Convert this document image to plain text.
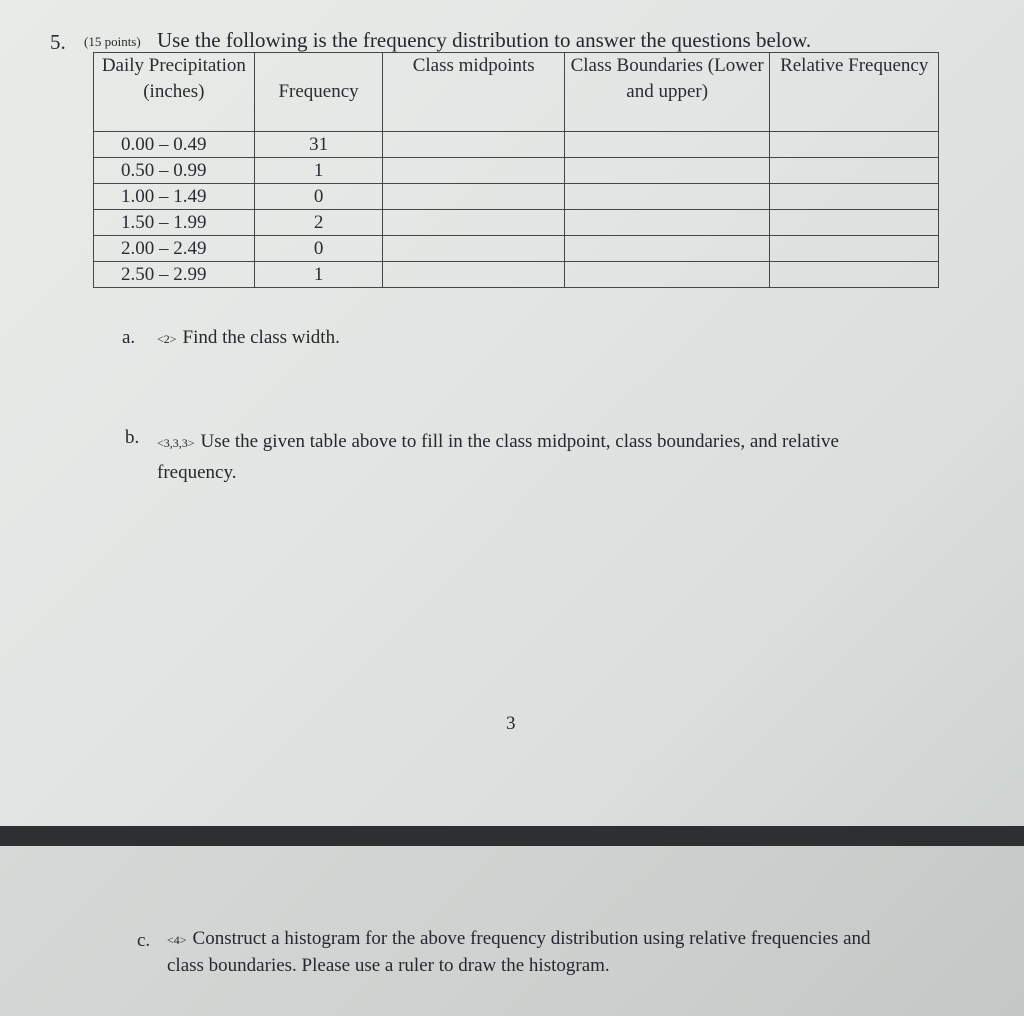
5. (15 points) Use the following is the frequency distribution to answer the questions below.
Daily Precipitation (inches)	Frequency	Class midpoints	Class Boundaries (Lower and upper)	Relative Frequency
0.00 – 0.49	31			
0.50 – 0.99	1			
1.00 – 1.49	0			
1.50 – 1.99	2			
2.00 – 2.49	0			
2.50 – 2.99	1			
a. <2> Find the class width.
b. <3,3,3> Use the given table above to fill in the class midpoint, class boundaries, and relative
frequency.
3
c. <4> Construct a histogram for the above frequency distribution using relative frequencies and
class boundaries. Please use a ruler to draw the histogram.
